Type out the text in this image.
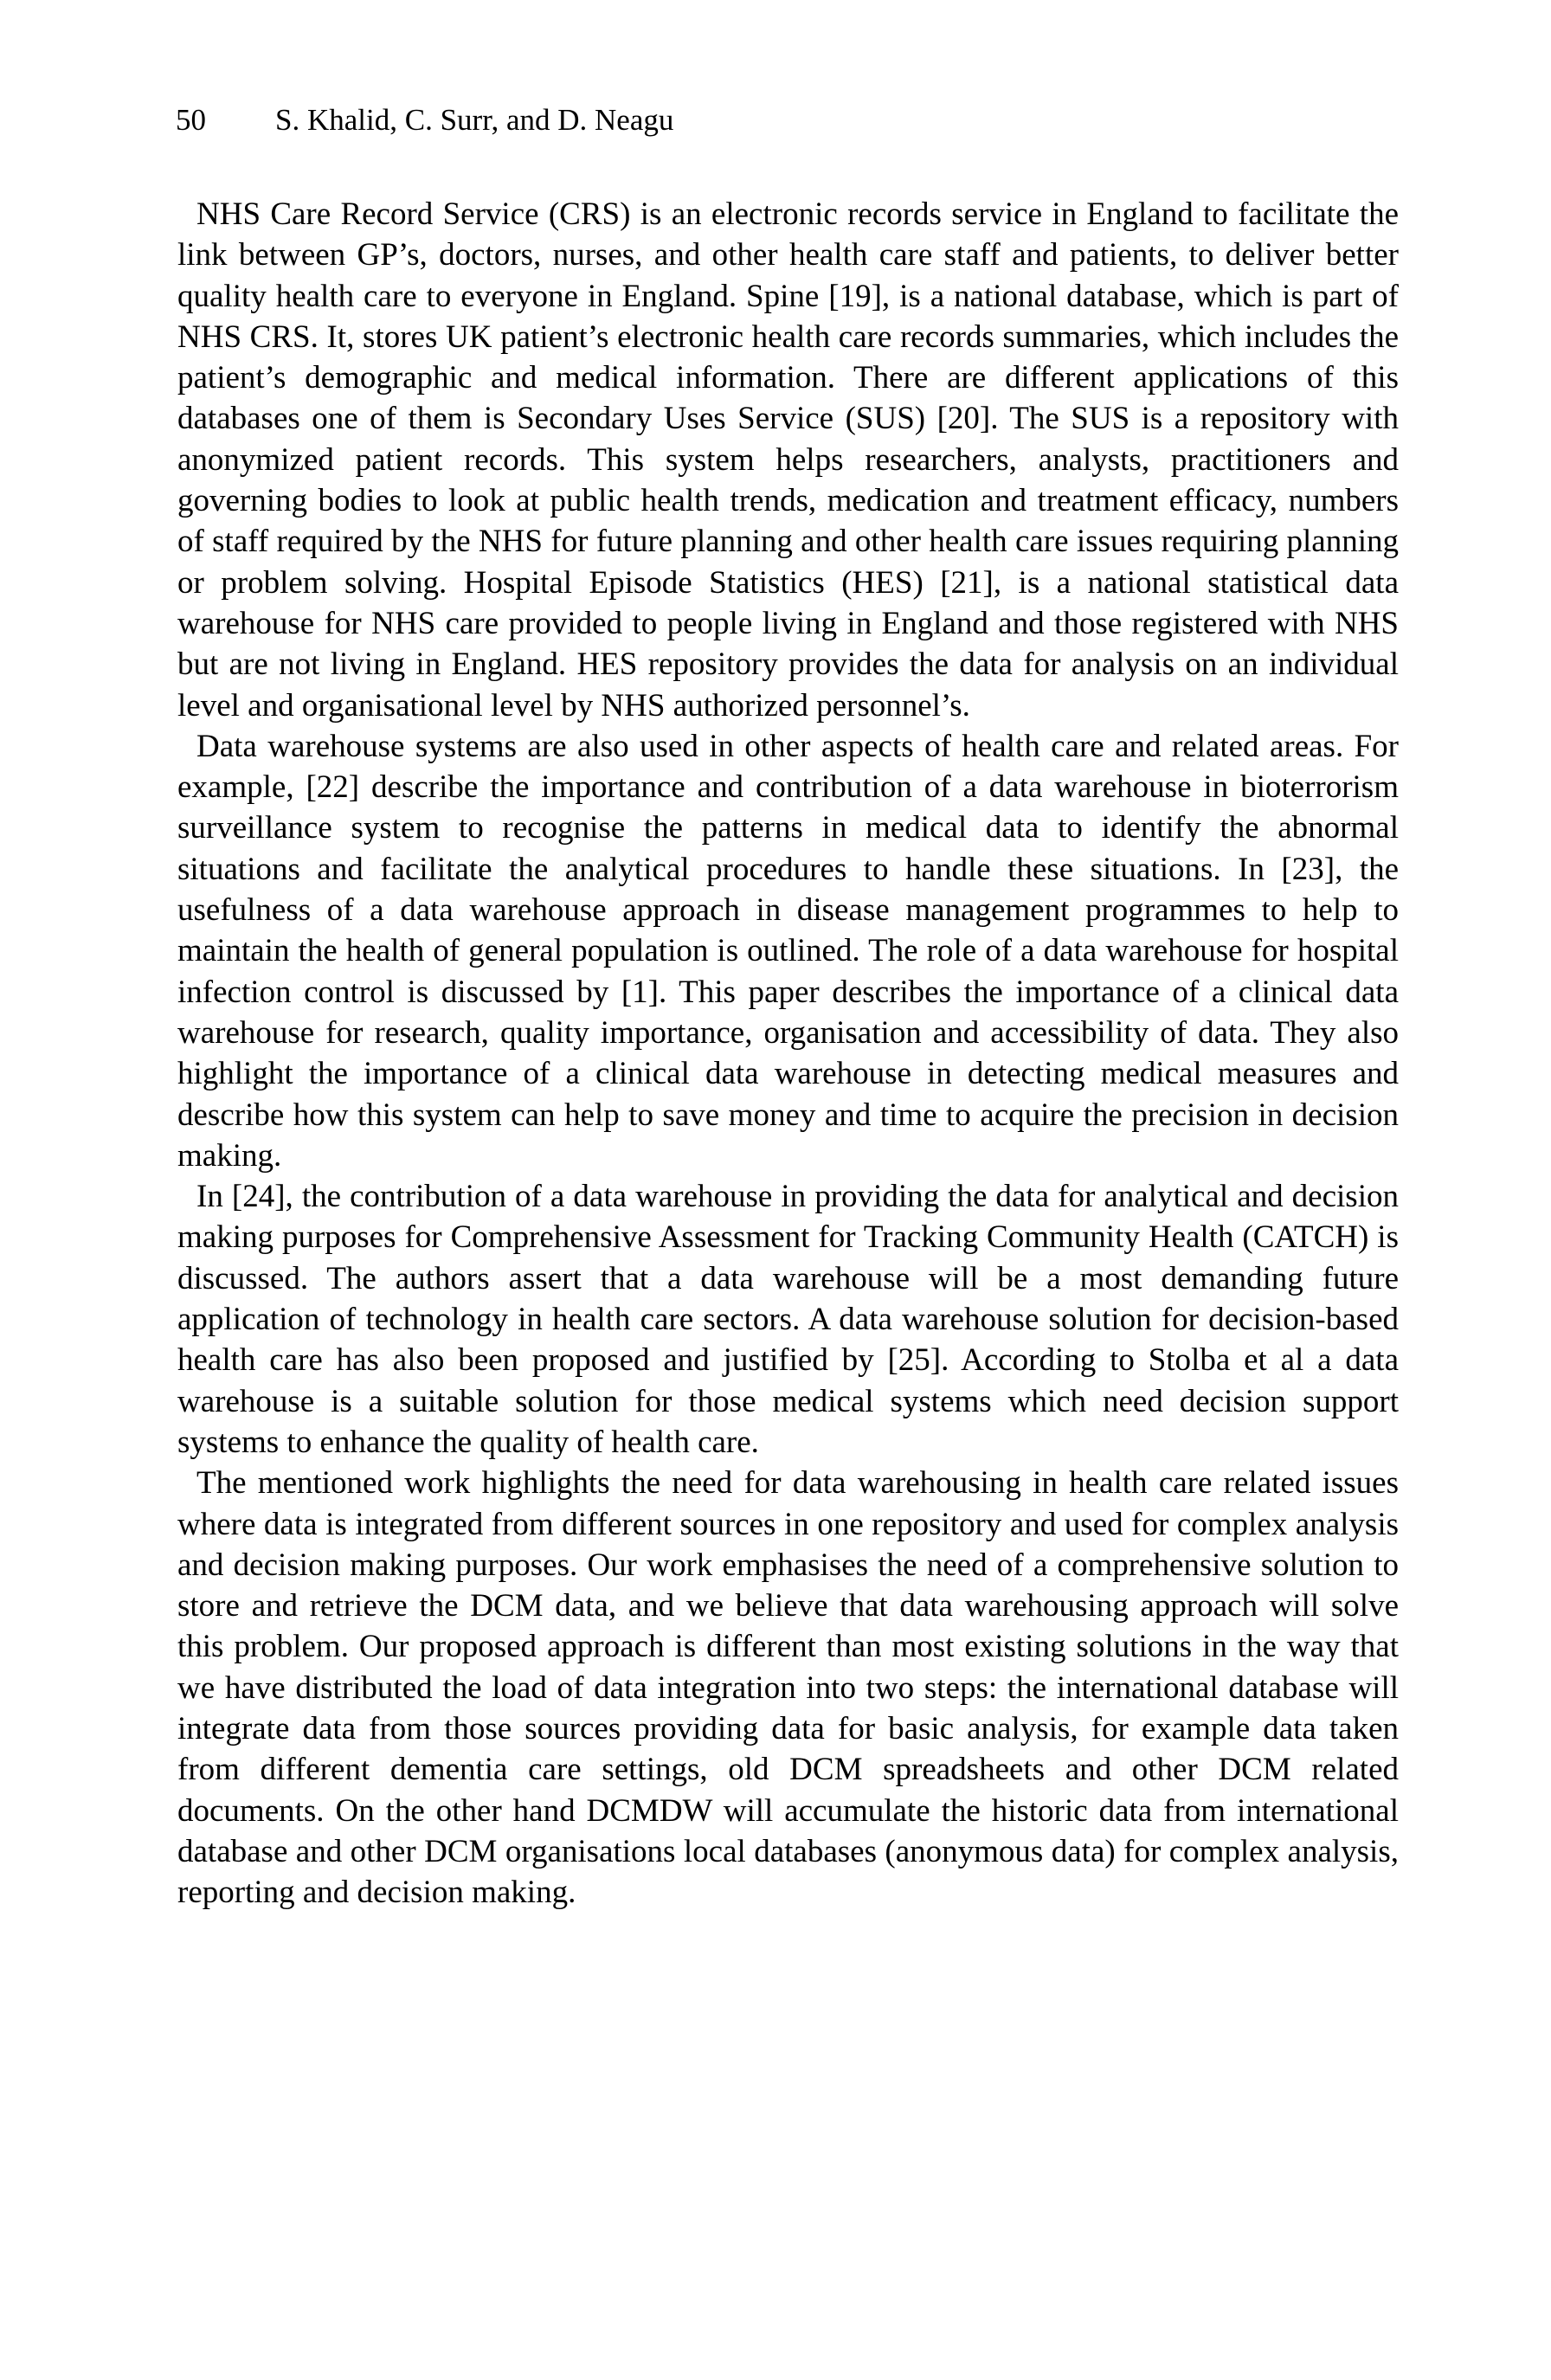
50 S. Khalid, C. Surr, and D. Neagu

NHS Care Record Service (CRS) is an electronic records service in England to facilitate the link between GP’s, doctors, nurses, and other health care staff and patients, to deliver better quality health care to everyone in England. Spine [19], is a national database, which is part of NHS CRS. It, stores UK patient’s electronic health care records summaries, which includes the patient’s demographic and medical information. There are different applications of this databases one of them is Secondary Uses Service (SUS) [20]. The SUS is a repository with anonymized patient records. This system helps researchers, analysts, practitioners and governing bodies to look at public health trends, medication and treatment efficacy, numbers of staff required by the NHS for future planning and other health care issues requiring planning or problem solving. Hospital Episode Statistics (HES) [21], is a national statistical data warehouse for NHS care provided to people living in England and those registered with NHS but are not living in England. HES repository provides the data for analysis on an individual level and organisational level by NHS authorized personnel’s.

Data warehouse systems are also used in other aspects of health care and related areas. For example, [22] describe the importance and contribution of a data warehouse in bioterrorism surveillance system to recognise the patterns in medical data to identify the abnormal situations and facilitate the analytical procedures to handle these situations. In [23], the usefulness of a data warehouse approach in disease management programmes to help to maintain the health of general population is outlined. The role of a data warehouse for hospital infection control is discussed by [1]. This paper describes the importance of a clinical data warehouse for research, quality importance, organisation and accessibility of data. They also highlight the importance of a clinical data warehouse in detecting medical measures and describe how this system can help to save money and time to acquire the precision in decision making.

In [24], the contribution of a data warehouse in providing the data for analytical and decision making purposes for Comprehensive Assessment for Tracking Community Health (CATCH) is discussed. The authors assert that a data warehouse will be a most demanding future application of technology in health care sectors. A data warehouse solution for decision-based health care has also been proposed and justified by [25]. According to Stolba et al a data warehouse is a suitable solution for those medical systems which need decision support systems to enhance the quality of health care.

The mentioned work highlights the need for data warehousing in health care related issues where data is integrated from different sources in one repository and used for complex analysis and decision making purposes. Our work emphasises the need of a comprehensive solution to store and retrieve the DCM data, and we believe that data warehousing approach will solve this problem. Our proposed approach is different than most existing solutions in the way that we have distributed the load of data integration into two steps: the international database will integrate data from those sources providing data for basic analysis, for example data taken from different dementia care settings, old DCM spreadsheets and other DCM related documents. On the other hand DCMDW will accumulate the historic data from international database and other DCM organisations local databases (anonymous data) for complex analysis, reporting and decision making.
